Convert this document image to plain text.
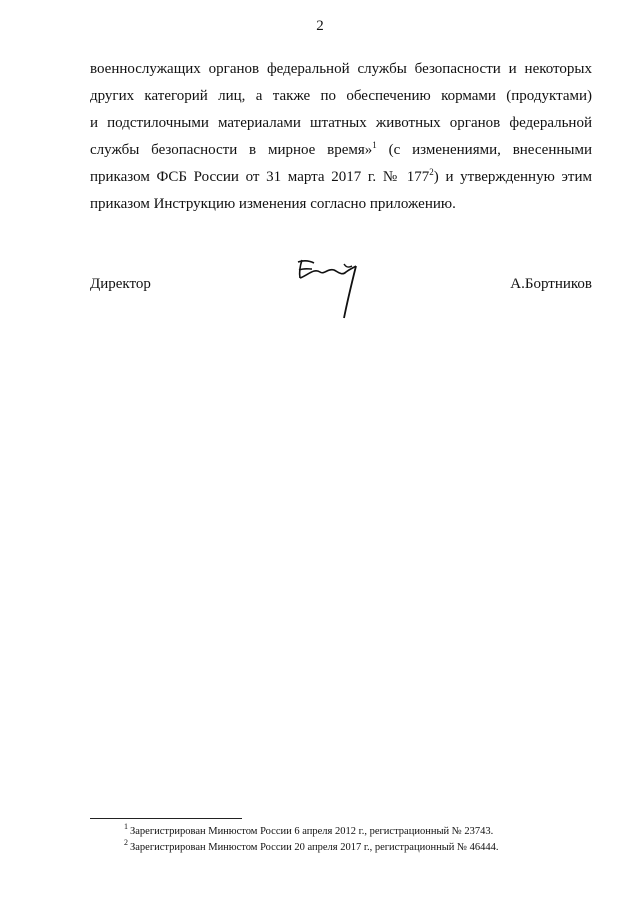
2
военнослужащих органов федеральной службы безопасности и некоторых
других категорий лиц, а также по обеспечению кормами (продуктами)
и подстилочными материалами штатных животных органов федеральной
службы безопасности в мирное время»$^1$ (с изменениями, внесенными
приказом ФСБ России от 31 марта 2017 г. № $177^2$) и утвержденную этим
приказом Инструкцию изменения согласно приложению.
Директор	А.Бортников
$^1$ Зарегистрирован Минюстом России 6 апреля 2012 г., регистрационный № 23743.
$^2$ Зарегистрирован Минюстом России 20 апреля 2017 г., регистрационный № 46444.
